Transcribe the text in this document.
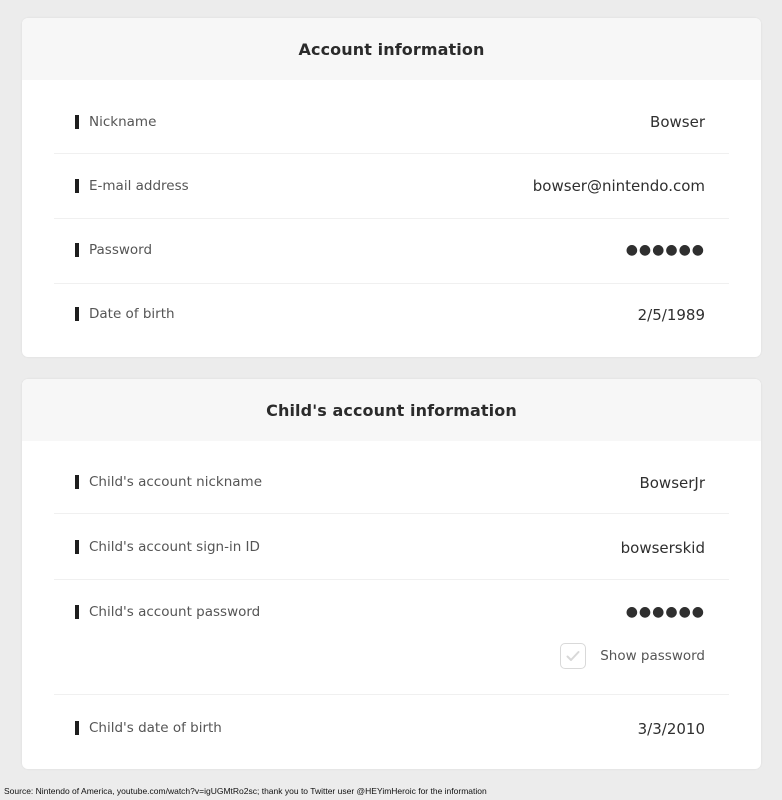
Account information
Nickname	Bowser
E-mail address	bowser@nintendo.com
Password	●●●●●●
Date of birth	2/5/1989
Child's account information
Child's account nickname	BowserJr
Child's account sign-in ID	bowserskid
Child's account password	●●●●●●
Show password
Child's date of birth	3/3/2010
Source: Nintendo of America, youtube.com/watch?v=igUGMtRo2sc; thank you to Twitter user @HEYimHeroic for the information
